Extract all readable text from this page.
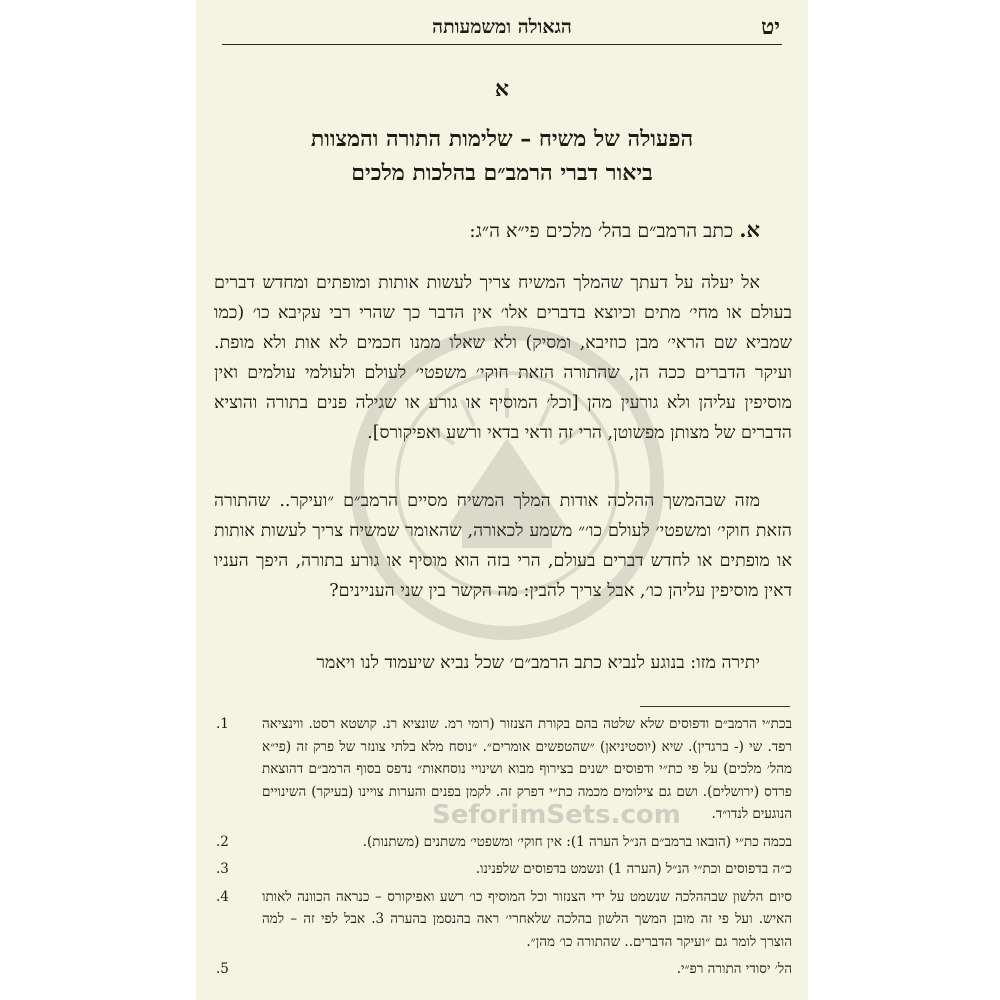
יט
הגאולה ומשמעותה
א
הפעולה של משיח – שלימות התורה והמצוות
ביאור דברי הרמב״ם בהלכות מלכים
א.כתב הרמב״ם בהל׳ מלכים פי״א ה״ג:
אל יעלה על דעתך שהמלך המשיח צריך לעשות אותות ומופתים ומחדש דברים בעולם או מחי׳ מתים וכיוצא בדברים אלו׳ אין הדבר כך שהרי רבי עקיבא כו׳ (כמו שמביא שם הראי׳ מבן כוזיבא, ומסיק) ולא שאלו ממנו חכמים לא אות ולא מופת. ועיקר הדברים ככה הן, שהתורה הזאת חוקי׳ משפטי׳ לעולם ולעולמי עולמים ואין מוסיפין עליהן ולא גורעין מהן [וכל׳ המוסיף או גורע או שגילה פנים בתורה והוציא הדברים של מצותן מפשוטן, הרי זה ודאי בדאי ורשע ואפיקורס].
מזה שבהמשך ההלכה אודות המלך המשיח מסיים הרמב״ם ״ועיקר.. שהתורה הזאת חוקי׳ ומשפטי׳ לעולם כו׳״ משמע לכאורה, שהאומר שמשיח צריך לעשות אותות או מופתים או לחדש דברים בעולם, הרי בזה הוא מוסיף או גורע בתורה, היפך העניו דאין מוסיפין עליהן כו׳, אבל צריך להבין: מה הקשר בין שני העניינים?
יתירה מזו: בנוגע לנביא כתב הרמב״ם׳ שכל נביא שיעמוד לנו ויאמר
בכת״י הרמב״ם ודפוסים שלא שלטה בהם בקורת הצנזור (רומי רמ. שונציא רנ. קושטא רסט. ווינציאה רפד. שי (- ברגדין). שיא (יוסטיניאן) ״שהטפשים אומרים״. ״נוסח מלא בלתי צונזר של פרק זה (פי״א מהל׳ מלכים) על פי כת״י ודפוסים ישנים בצירוף מבוא ושינויי נוסחאות״ נדפס בסוף הרמב״ם דהוצאת פרדס (ירושלים). ושם גם צילומים מכמה כת״י דפרק זה. לקמן בפנים והערות צויינו (בעיקר) השינויים הנוגעים לנדו״ד.
.1
בכמה כת״י (הובאו ברמב״ם הנ״ל הערה 1): אין חוקי׳ ומשפטי׳ משתנים (משתנות).
.2
כ״ה בדפוסים וכת״י הנ״ל (הערה 1) ונשמט בדפוסים שלפנינו.
.3
סיום הלשון שבההלכה שנשמט על ידי הצנזור וכל המוסיף כו׳ רשע ואפיקורס – כנראה הכוונה לאותו האיש. ועל פי זה מובן המשך הלשון בהלכה שלאחרי׳ ראה בהנסמן בהערה 3. אבל לפי זה – למה הוצרך לומר גם ״ועיקר הדברים.. שהתורה כו׳ מהן״.
.4
הל׳ יסודי התורה רפ״י.
.5
SeforimSets.com
